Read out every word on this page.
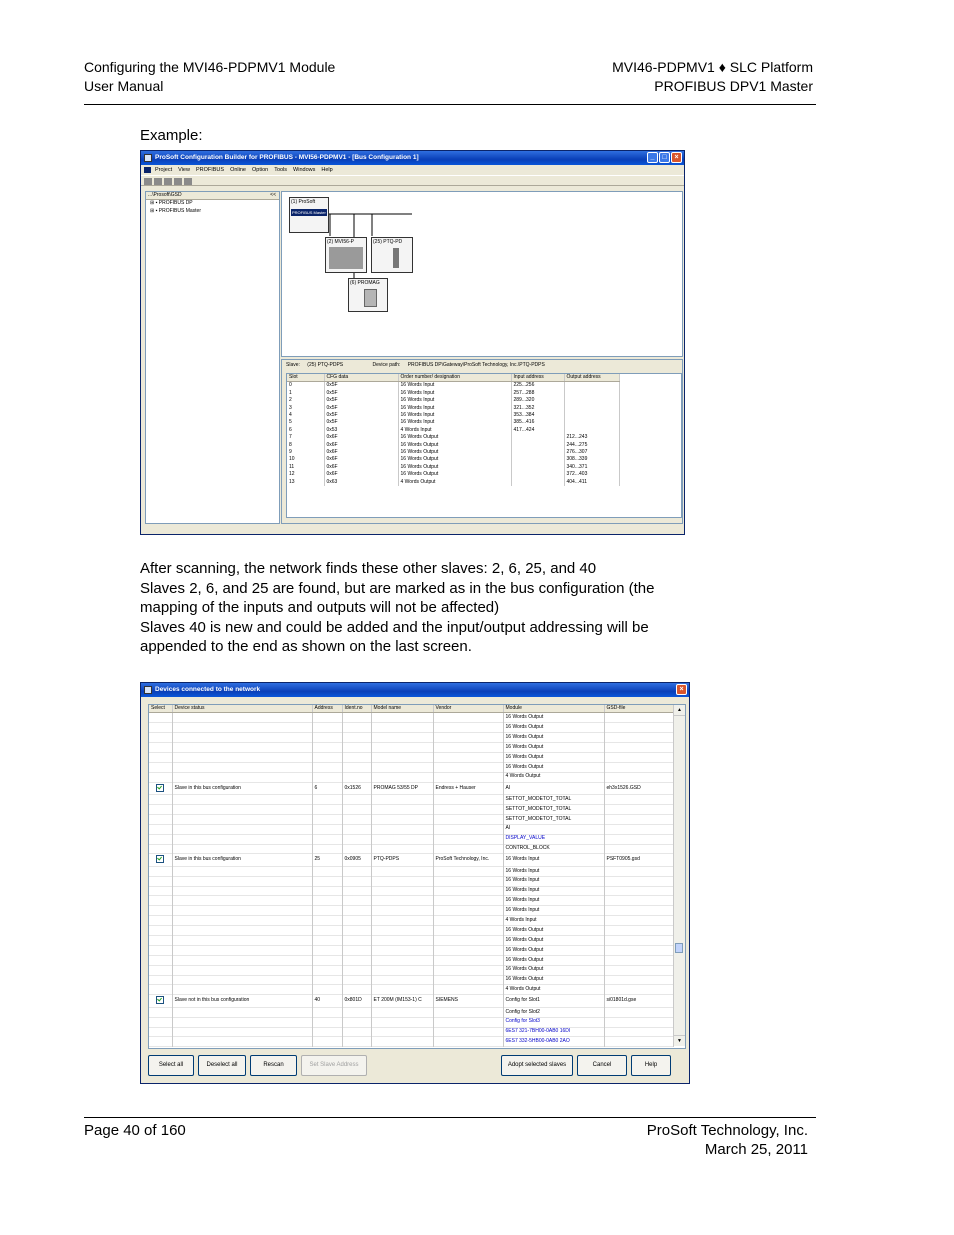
Configuring the MVI46-PDPMV1 Module
User Manual
MVI46-PDPMV1 ♦ SLC Platform
PROFIBUS DPV1 Master
Example:
ProSoft Configuration Builder for PROFIBUS - MVI56-PDPMV1 - [Bus Configuration 1]	_	□	×
Project View PROFIBUS Online Option Tools Windows Help
...\Prosoft\GSD	<<
⊞ ▪ PROFIBUS DP
⊞ ▪ PROFIBUS Master
(1) ProSoft
PROFIBUS Master
(2) MVI56-P	(25) PTQ-PD
(6) PROMAG
Slave: (25) PTQ-PDPS	Device path: PROFIBUS DP\Gateway\ProSoft Technology, Inc.\PTQ-PDPS
Slot	CFG data	Order number/ designation	Input address	Output address
0	0x5F	16 Words Input	225...256	
1	0x5F	16 Words Input	257...288	
2	0x5F	16 Words Input	289...320	
3	0x5F	16 Words Input	321...352	
4	0x5F	16 Words Input	353...384	
5	0x5F	16 Words Input	385...416	
6	0x53	4 Words Input	417...424	
7	0x6F	16 Words Output		212...243
8	0x6F	16 Words Output		244...275
9	0x6F	16 Words Output		276...307
10	0x6F	16 Words Output		308...339
11	0x6F	16 Words Output		340...371
12	0x6F	16 Words Output		372...403
13	0x63	4 Words Output		404...411
After scanning, the network finds these other slaves: 2, 6, 25, and 40
Slaves 2, 6, and 25 are found, but are marked as in the bus configuration (the
mapping of the inputs and outputs will not be affected)
Slaves 40 is new and could be added and the input/output addressing will be
appended to the end as shown on the last screen.
Devices connected to the network	×
Select	Device status	Address	Ident.no	Model name	Vendor	Module	GSD-file
						16 Words Output	
						16 Words Output	
						16 Words Output	
						16 Words Output	
						16 Words Output	
						16 Words Output	
						4 Words Output	
	Slave in this bus configuration	6	0x1526	PROMAG 53/55 DP	Endress + Hauser	AI	eh3x1526.GSD
						SETTOT_MODETOT_TOTAL	
						SETTOT_MODETOT_TOTAL	
						SETTOT_MODETOT_TOTAL	
						AI	
						DISPLAY_VALUE	
						CONTROL_BLOCK	
	Slave in this bus configuration	25	0x0905	PTQ-PDPS	ProSoft Technology, Inc.	16 Words Input	PSFT0905.gsd
						16 Words Input	
						16 Words Input	
						16 Words Input	
						16 Words Input	
						16 Words Input	
						4 Words Input	
						16 Words Output	
						16 Words Output	
						16 Words Output	
						16 Words Output	
						16 Words Output	
						16 Words Output	
						4 Words Output	
	Slave not in this bus configuration	40	0x801D	ET 200M (IM153-1) C	SIEMENS	Config for Slot1	si01801d.gse
						Config for Slot2	
						Config for Slot3	
						6ES7 321-7BH00-0AB0 16DI	
						6ES7 332-5HB00-0AB0 2AO	
▲
▼
Select all	Deselect all	Rescan	Set Slave Address	Adopt selected slaves	Cancel	Help
Page 40 of 160	ProSoft Technology, Inc.
March 25, 2011
